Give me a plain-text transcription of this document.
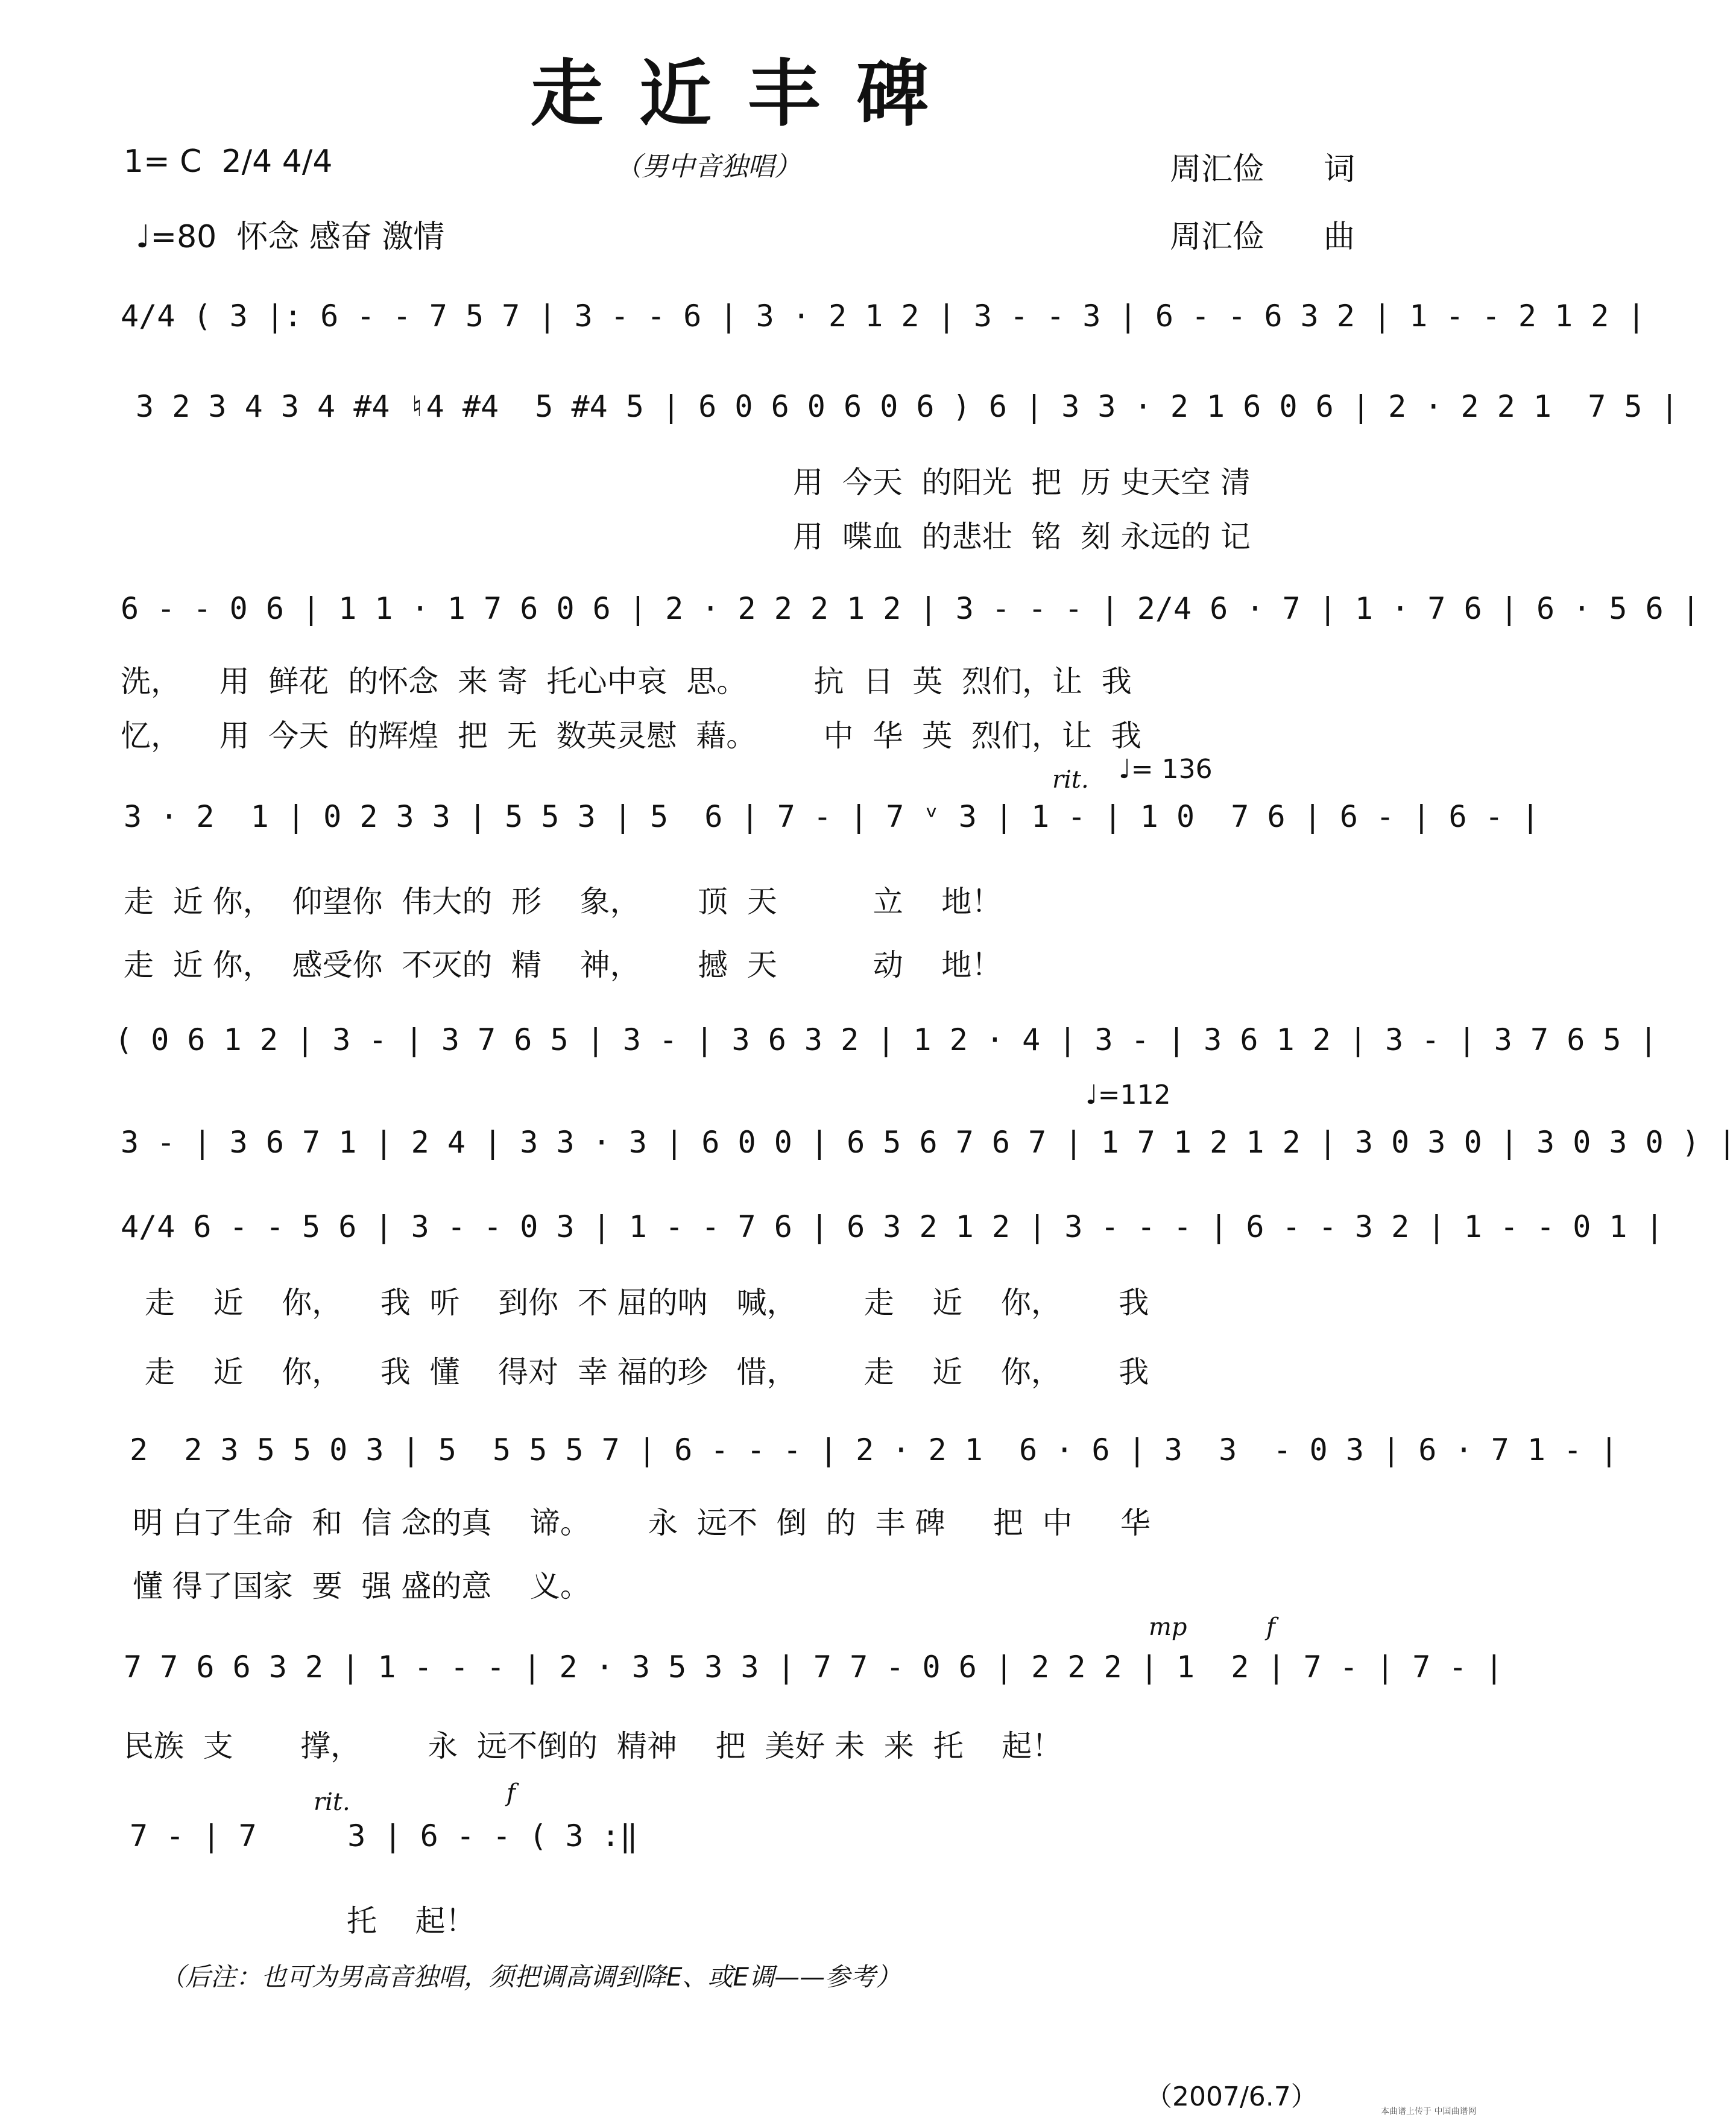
走近丰碑
1= C  2/4 4/4	（男中音独唱）	周汇俭      词
♩=80  怀念 感奋 激情	周汇俭      曲
4/4 ( 3 |: 6 - - 7 5 7 | 3 - - 6 | 3 · 2 1 2 | 3 - - 3 | 6 - - 6 3 2 | 1 - - 2 1 2 |
3 2 3 4 3 4 #4 ♮4 #4  5 #4 5 | 6 0 6 0 6 0 6 ) 6 | 3 3 · 2 1 6 0 6 | 2 · 2 2 1  7 5 |
用  今天  的阳光  把  历 史天空 清
用  喋血  的悲壮  铭  刻 永远的 记
6 - - 0 6 | 1 1 · 1 7 6 0 6 | 2 · 2 2 2 1 2 | 3 - - - | 2/4 6 · 7 | 1 · 7 6 | 6 · 5 6 |
洗，    用  鲜花  的怀念  来 寄  托心中哀  思。       抗  日  英  烈们，让  我
忆，    用  今天  的辉煌  把  无  数英灵慰  藉。       中  华  英  烈们，让  我
rit. ♩= 136
3 · 2  1 | 0 2 3 3 | 5 5 3 | 5  6 | 7 - | 7 ᵛ 3 | 1 - | 1 0  7 6 | 6 - | 6 - |
走  近 你，  仰望你  伟大的  形    象，      顶  天          立    地！
走  近 你，  感受你  不灭的  精    神，      撼  天          动    地！
( 0 6 1 2 | 3 - | 3 7 6 5 | 3 - | 3 6 3 2 | 1 2 · 4 | 3 - | 3 6 1 2 | 3 - | 3 7 6 5 |
♩=112
3 - | 3 6 7 1 | 2 4 | 3 3 · 3 | 6 0 0 | 6 5 6 7 6 7 | 1 7 1 2 1 2 | 3 0 3 0 | 3 0 3 0 ) |
4/4 6 - - 5 6 | 3 - - 0 3 | 1 - - 7 6 | 6 3 2 1 2 | 3 - - - | 6 - - 3 2 | 1 - - 0 1 |
走    近    你，    我  听    到你  不 屈的呐   喊，       走    近    你，      我
走    近    你，    我  懂    得对  幸 福的珍   惜，       走    近    你，      我
2  2 3 5 5 0 3 | 5  5 5 5 7 | 6 - - - | 2 · 2 1  6 · 6 | 3  3  - 0 3 | 6 · 7 1 - |
明 白了生命  和  信 念的真    谛。      永  远不  倒  的  丰 碑     把  中     华
懂 得了国家  要  强 盛的意    义。
mp	f
7 7 6 6 3 2 | 1 - - - | 2 · 3 5 3 3 | 7 7 - 0 6 | 2 2 2 | 1  2 | 7 - | 7 - |
民族  支       撑，       永  远不倒的  精神    把  美好 未  来  托    起！
rit.	f
7 - | 7     3 | 6 - - ( 3 :‖
托    起！
（后注：也可为男高音独唱，须把调高调到降E、或E调——参考）
（2007/6.7）	本曲谱上传于 中国曲谱网
